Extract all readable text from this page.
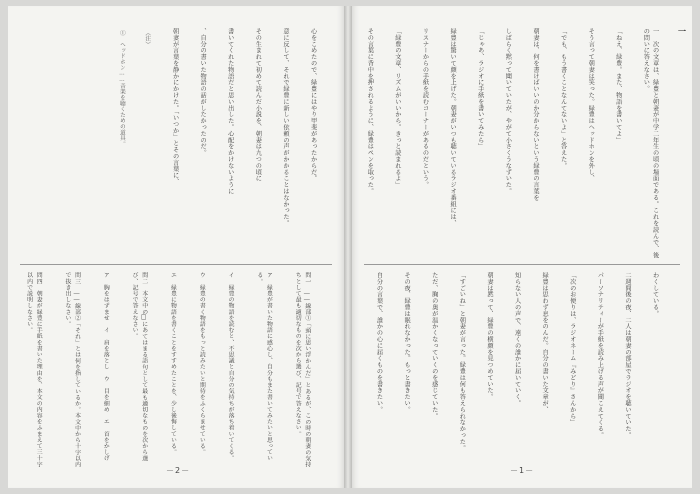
心をこめたので、緑豊にはやり甲斐があったからだ。

意に反して、それで緑豊に新しい依頼の声がかかることはなかった。

その生まれて初めて読んだ小説を、朝妻は九つの頃に

書いてくれた物語だと思い出した。心配をかけないように

、自分の書いた物語の話がしたかったのだ。

朝妻が言葉を静かにかけた。「いつか」とその言葉に、

（注）

①　ヘッドホン……音楽を聴くための道具。

問一　――線部①「頭に思い浮かんだ」とあるが、この時の朝妻の気持ちとして最も適切なものを次から選び、記号で答えなさい。

ア　緑豊が書いた物語に感心し、自分もまた書いてみたいと思っている。

イ　緑豊の物語を読むと、不思議と自分の気持ちが落ち着いてくる。

ウ　緑豊の書く物語をもっと読みたいと期待をふくらませている。

エ　緑豊に物語を書くことをすすめたことを、少し後悔している。

問二　本文中の□にあてはまる語句として最も適切なものを次から選び、記号で答えなさい。

ア　胸をはずませ　イ　肩を落とし　ウ　目を細め　エ　首をかしげ

問三　――線部②「それ」とは何を指しているか。本文中から十字以内で抜き出しなさい。

問四　朝妻が緑豊に手紙を書いた理由を、本文の内容をふまえて三十字以内で説明しなさい。

－2－
一

一　次の文章は、緑豊と朝妻が中学二年生の頃の場面である。これを読んで、後の問いに答えなさい。

「ねえ、緑豊。また、物語を書いてよ」

そう言って朝妻は笑った。緑豊はヘッドホンを外し、

「でも、もう書くことなんてないよ」と答えた。

朝妻は、何を書けばいいのか分からないという緑豊の言葉を

しばらく黙って聞いていたが、やがて小さくうなずいた。

「じゃあ、ラジオに手紙を書いてみたら」

緑豊は驚いて顔を上げた。朝妻がいつも聴いているラジオ番組には、

リスナーからの手紙を読むコーナーがあるのだという。

「緑豊の文章、リズムがいいから。きっと読まれるよ」

その言葉に背中を押されるように、緑豊はペンを取った。

わくしている。

二週間後の夜、二人は朝妻の部屋でラジオを聴いていた。

パーソナリティーが手紙を読み上げる声が聞こえてくる。

「次のお便りは、ラジオネーム『みどり』さんから」

緑豊は思わず息をのんだ。自分の書いた文章が、

知らない人の声で、遠くの誰かに届いていく。

朝妻は黙って、緑豊の横顔を見つめていた。

「すごいね」と朝妻が言った。緑豊は何も答えられなかった。

ただ、胸の奥が温かくなっていくのを感じていた。

その夜、緑豊は眠れなかった。もっと書きたい。

自分の言葉で、誰かの心に届くものを書きたい。

－1－
